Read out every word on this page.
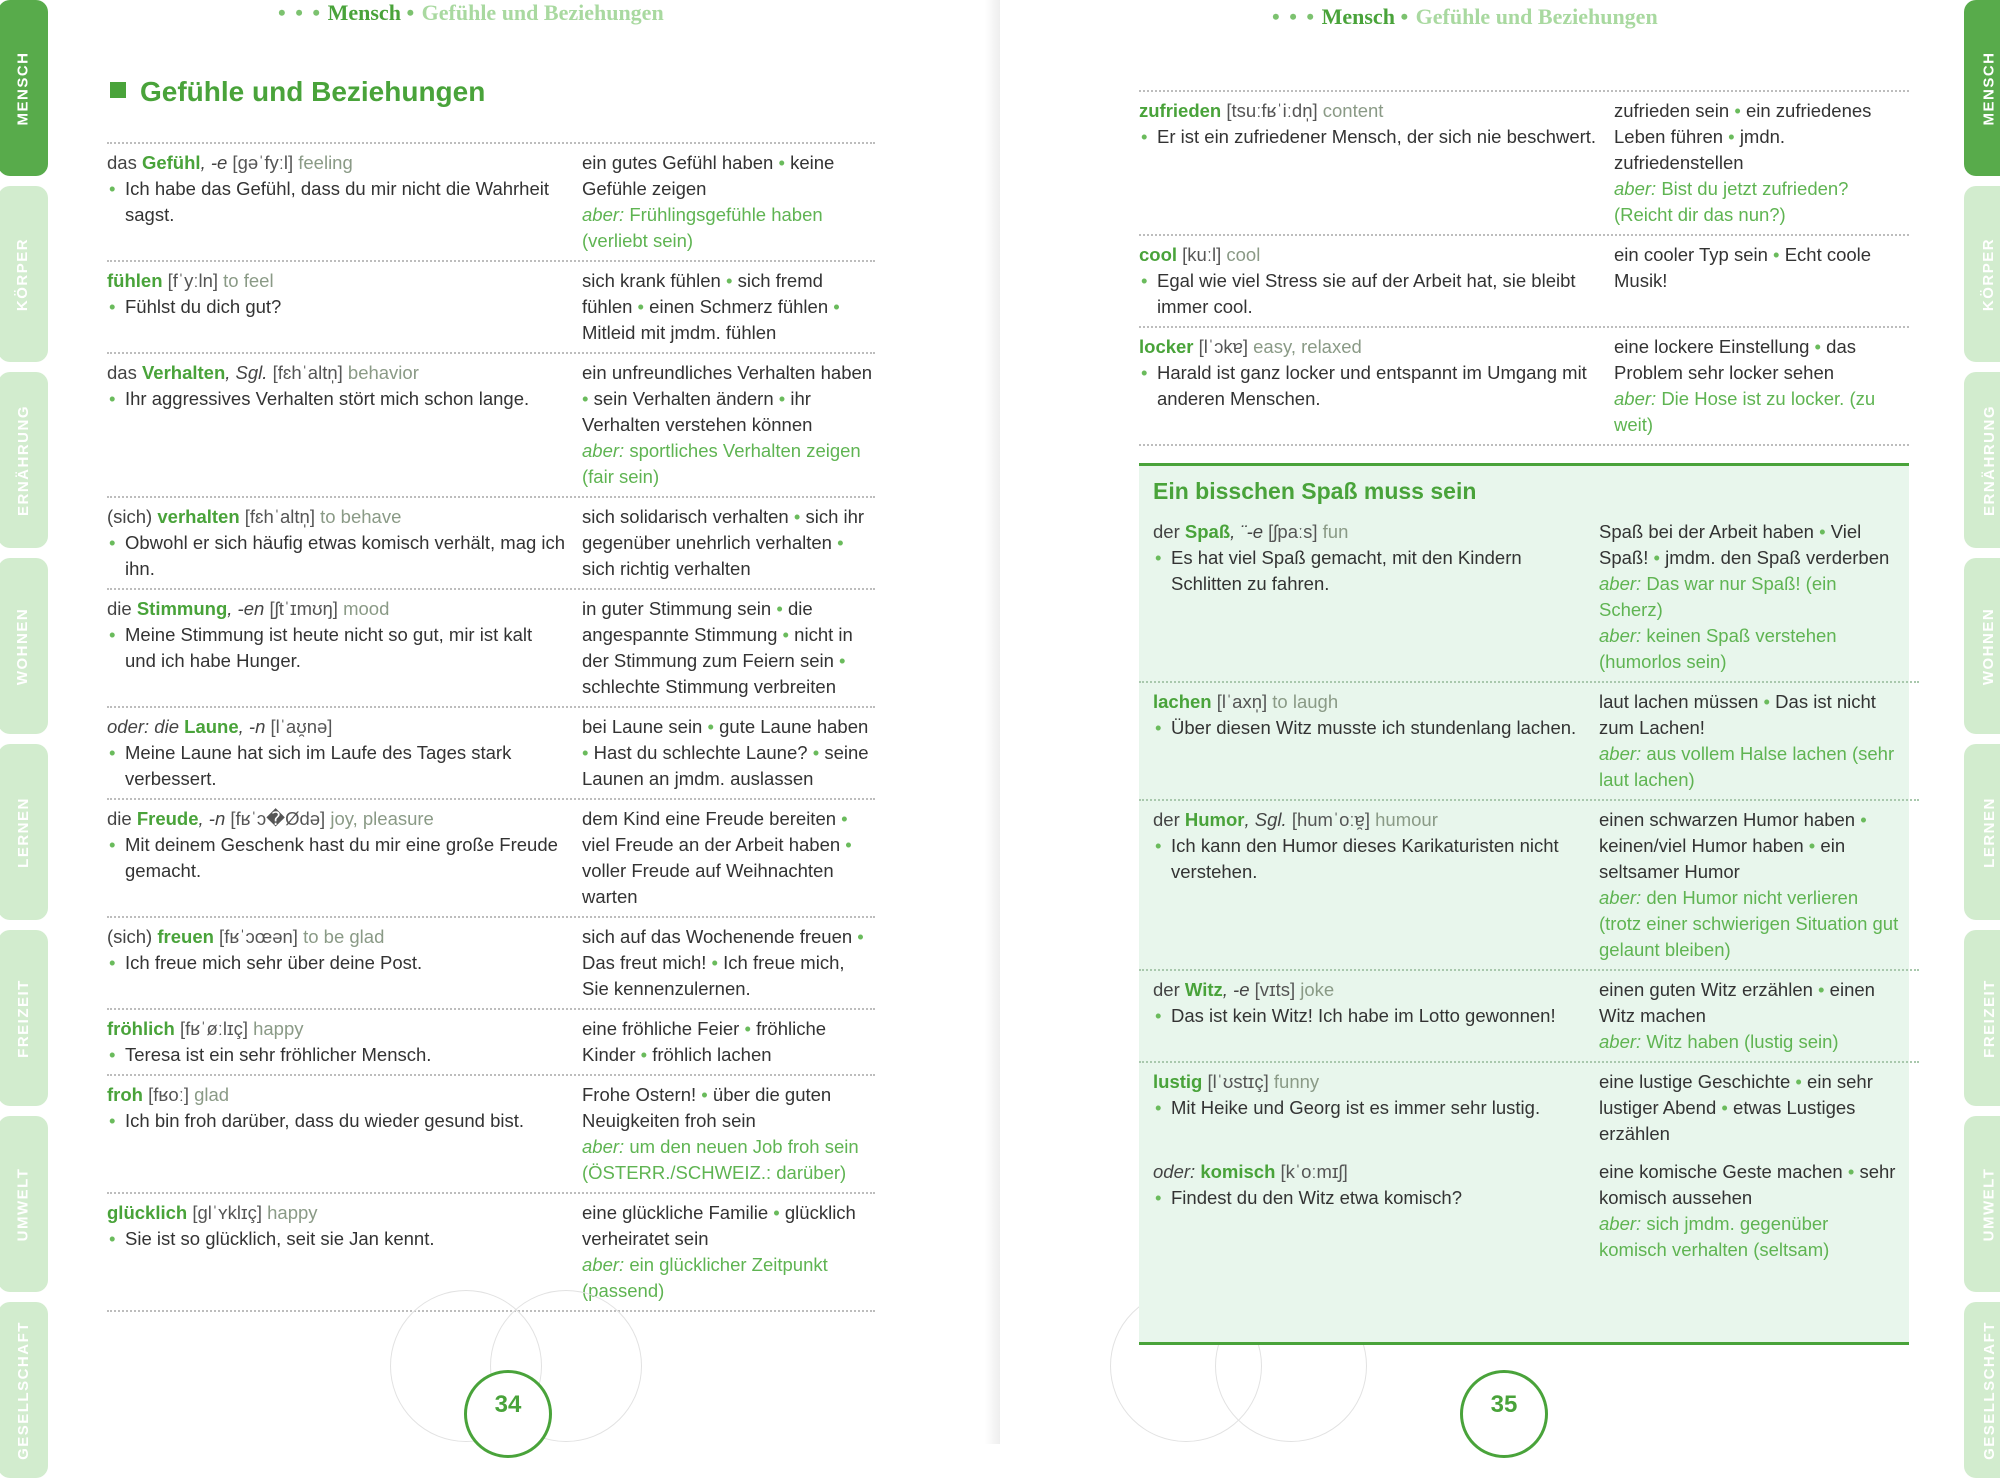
• • • Mensch • Gefühle und Beziehungen
MENSCH
KÖRPER
ERNÄHRUNG
WOHNEN
LERNEN
FREIZEIT
UMWELT
GESELLSCHAFT
Gefühle und Beziehungen
das Gefühl, -e [gəˈfyːl] feeling
• Ich habe das Gefühl, dass du mir nicht die Wahrheit sagst.
ein gutes Gefühl haben • keine Gefühle zeigen
aber: Frühlingsgefühle haben (verliebt sein)
fühlen [fˈyːln] to feel
• Fühlst du dich gut?
sich krank fühlen • sich fremd fühlen • einen Schmerz fühlen • Mitleid mit jmdm. fühlen
das Verhalten, Sgl. [fɛhˈaltn̩] behavior
• Ihr aggressives Verhalten stört mich schon lange.
ein unfreundliches Verhalten haben • sein Verhalten ändern • ihr Verhalten verstehen können
aber: sportliches Verhalten zeigen (fair sein)
(sich) verhalten [fɛhˈaltn̩] to behave
• Obwohl er sich häufig etwas komisch verhält, mag ich ihn.
sich solidarisch verhalten • sich ihr gegenüber unehrlich verhalten • sich richtig verhalten
die Stimmung, -en [ʃtˈɪmʊŋ] mood
• Meine Stimmung ist heute nicht so gut, mir ist kalt und ich habe Hunger.
in guter Stimmung sein • die angespannte Stimmung • nicht in der Stimmung zum Feiern sein • schlechte Stimmung verbreiten
oder: die Laune, -n [lˈaʊ̯nə]
• Meine Laune hat sich im Laufe des Tages stark verbessert.
bei Laune sein • gute Laune haben • Hast du schlechte Laune? • seine Launen an jmdm. auslassen
die Freude, -n [fʁˈɔ�Ødə] joy, pleasure
• Mit deinem Geschenk hast du mir eine große Freude gemacht.
dem Kind eine Freude bereiten • viel Freude an der Arbeit haben • voller Freude auf Weihnachten warten
(sich) freuen [fʁˈɔœən] to be glad
• Ich freue mich sehr über deine Post.
sich auf das Wochenende freuen • Das freut mich! • Ich freue mich, Sie kennenzulernen.
fröhlich [fʁˈøːlɪç] happy
• Teresa ist ein sehr fröhlicher Mensch.
eine fröhliche Feier • fröhliche Kinder • fröhlich lachen
froh [fʁoː] glad
• Ich bin froh darüber, dass du wieder gesund bist.
Frohe Ostern! • über die guten Neuigkeiten froh sein
aber: um den neuen Job froh sein (ÖSTERR./SCHWEIZ.: darüber)
glücklich [glˈʏklɪç] happy
• Sie ist so glücklich, seit sie Jan kennt.
eine glückliche Familie • glücklich verheiratet sein
aber: ein glücklicher Zeitpunkt (passend)
34
• • • Mensch • Gefühle und Beziehungen
MENSCH
KÖRPER
ERNÄHRUNG
WOHNEN
LERNEN
FREIZEIT
UMWELT
GESELLSCHAFT
35
zufrieden [tsuːfʁˈiːdn̩] content
• Er ist ein zufriedener Mensch, der sich nie beschwert.
zufrieden sein • ein zufriedenes Leben führen • jmdn. zufriedenstellen
aber: Bist du jetzt zufrieden? (Reicht dir das nun?)
cool [kuːl] cool
• Egal wie viel Stress sie auf der Arbeit hat, sie bleibt immer cool.
ein cooler Typ sein • Echt coole Musik!
locker [lˈɔkɐ] easy, relaxed
• Harald ist ganz locker und entspannt im Umgang mit anderen Menschen.
eine lockere Einstellung • das Problem sehr locker sehen
aber: Die Hose ist zu locker. (zu weit)
Ein bisschen Spaß muss sein
der Spaß, ¨-e [ʃpaːs] fun
• Es hat viel Spaß gemacht, mit den Kindern Schlitten zu fahren.
Spaß bei der Arbeit haben • Viel Spaß! • jmdm. den Spaß verderben
aber: Das war nur Spaß! (ein Scherz)
aber: keinen Spaß verstehen (humorlos sein)
lachen [lˈaxn̩] to laugh
• Über diesen Witz musste ich stundenlang lachen.
laut lachen müssen • Das ist nicht zum Lachen!
aber: aus vollem Halse lachen (sehr laut lachen)
der Humor, Sgl. [humˈoːɐ̯] humour
• Ich kann den Humor dieses Karikaturisten nicht verstehen.
einen schwarzen Humor haben • keinen/viel Humor haben • ein seltsamer Humor
aber: den Humor nicht verlieren (trotz einer schwierigen Situation gut gelaunt bleiben)
der Witz, -e [vɪts] joke
• Das ist kein Witz! Ich habe im Lotto gewonnen!
einen guten Witz erzählen • einen Witz machen
aber: Witz haben (lustig sein)
lustig [lˈʊstɪç] funny
• Mit Heike und Georg ist es immer sehr lustig.
eine lustige Geschichte • ein sehr lustiger Abend • etwas Lustiges erzählen
oder: komisch [kˈoːmɪʃ]
• Findest du den Witz etwa komisch?
eine komische Geste machen • sehr komisch aussehen
aber: sich jmdm. gegenüber komisch verhalten (seltsam)
